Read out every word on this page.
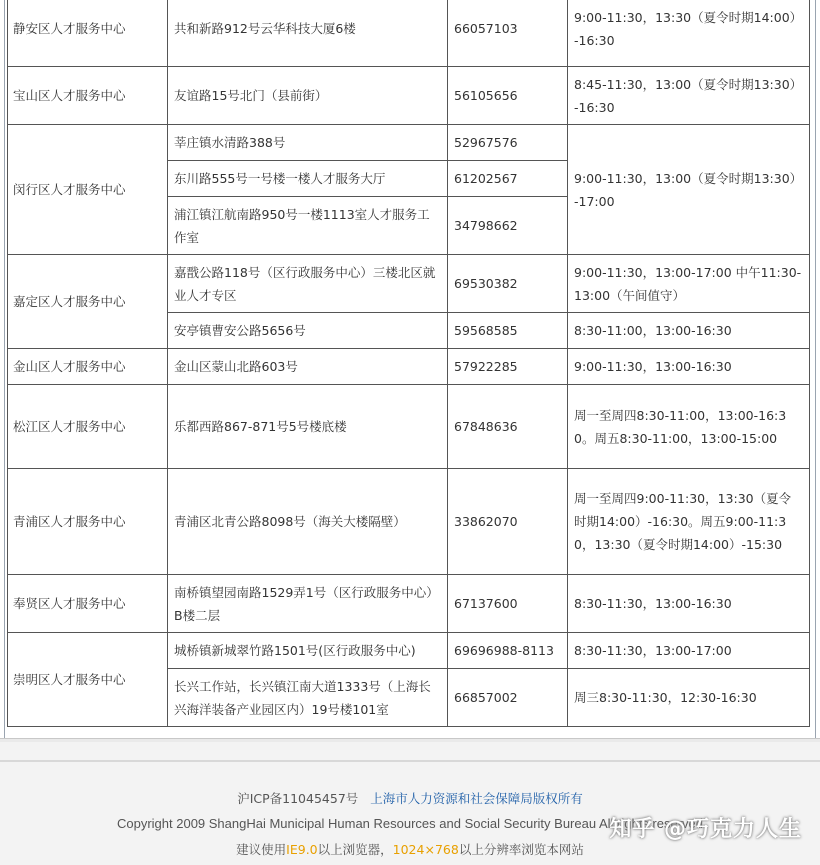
静安区人才服务中心	共和新路912号云华科技大厦6楼	66057103	9:00-11:30，13:30（夏令时期14:00）-16:30
宝山区人才服务中心	友谊路15号北门（县前街）	56105656	8:45-11:30，13:00（夏令时期13:30）-16:30
闵行区人才服务中心	莘庄镇水清路388号	52967576	9:00-11:30，13:00（夏令时期13:30）-17:00
	东川路555号一号楼一楼人才服务大厅	61202567	
	浦江镇江航南路950号一楼1113室人才服务工作室	34798662	
嘉定区人才服务中心	嘉戬公路118号（区行政服务中心）三楼北区就业人才专区	69530382	9:00-11:30，13:00-17:00 中午11:30-13:00（午间值守）
	安亭镇曹安公路5656号	59568585	8:30-11:00，13:00-16:30
金山区人才服务中心	金山区蒙山北路603号	57922285	9:00-11:30，13:00-16:30
松江区人才服务中心	乐都西路867-871号5号楼底楼	67848636	周一至周四8:30-11:00，13:00-16:30。周五8:30-11:00，13:00-15:00
青浦区人才服务中心	青浦区北青公路8098号（海关大楼隔壁）	33862070	周一至周四9:00-11:30，13:30（夏令时期14:00）-16:30。周五9:00-11:30，13:30（夏令时期14:00）-15:30
奉贤区人才服务中心	南桥镇望园南路1529弄1号（区行政服务中心）B楼二层	67137600	8:30-11:30，13:00-16:30
崇明区人才服务中心	城桥镇新城翠竹路1501号(区行政服务中心)	69696988-8113	8:30-11:30，13:00-17:00
	长兴工作站，长兴镇江南大道1333号（上海长兴海洋装备产业园区内）19号楼101室	66857002	周三8:30-11:30，12:30-16:30
沪ICP备11045457号 上海市人力资源和社会保障局版权所有
Copyright 2009 ShangHai Municipal Human Resources and Social Security Bureau All rights reserved
建议使用IE9.0以上浏览器，1024×768以上分辨率浏览本网站
知乎 @巧克力人生
